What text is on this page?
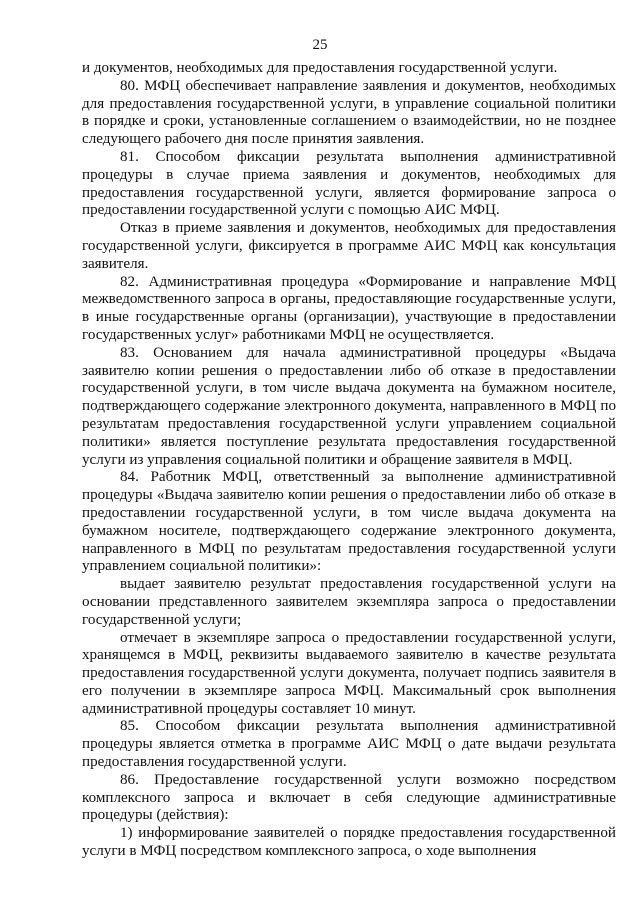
25

и документов, необходимых для предоставления государственной услуги.

80. МФЦ обеспечивает направление заявления и документов, необходимых для предоставления государственной услуги, в управление социальной политики в порядке и сроки, установленные соглашением о взаимодействии, но не позднее следующего рабочего дня после принятия заявления.

81. Способом фиксации результата выполнения административной процедуры в случае приема заявления и документов, необходимых для предоставления государственной услуги, является формирование запроса о предоставлении государственной услуги с помощью АИС МФЦ.

Отказ в приеме заявления и документов, необходимых для предоставления государственной услуги, фиксируется в программе АИС МФЦ как консультация заявителя.

82. Административная процедура «Формирование и направление МФЦ межведомственного запроса в органы, предоставляющие государственные услуги, в иные государственные органы (организации), участвующие в предоставлении государственных услуг» работниками МФЦ не осуществляется.

83. Основанием для начала административной процедуры «Выдача заявителю копии решения о предоставлении либо об отказе в предоставлении государственной услуги, в том числе выдача документа на бумажном носителе, подтверждающего содержание электронного документа, направленного в МФЦ по результатам предоставления государственной услуги управлением социальной политики» является поступление результата предоставления государственной услуги из управления социальной политики и обращение заявителя в МФЦ.

84. Работник МФЦ, ответственный за выполнение административной процедуры «Выдача заявителю копии решения о предоставлении либо об отказе в предоставлении государственной услуги, в том числе выдача документа на бумажном носителе, подтверждающего содержание электронного документа, направленного в МФЦ по результатам предоставления государственной услуги управлением социальной политики»:

выдает заявителю результат предоставления государственной услуги на основании представленного заявителем экземпляра запроса о предоставлении государственной услуги;

отмечает в экземпляре запроса о предоставлении государственной услуги, хранящемся в МФЦ, реквизиты выдаваемого заявителю в качестве результата предоставления государственной услуги документа, получает подпись заявителя в его получении в экземпляре запроса МФЦ. Максимальный срок выполнения административной процедуры составляет 10 минут.

85. Способом фиксации результата выполнения административной процедуры является отметка в программе АИС МФЦ о дате выдачи результата предоставления государственной услуги.

86. Предоставление государственной услуги возможно посредством комплексного запроса и включает в себя следующие административные процедуры (действия):

1) информирование заявителей о порядке предоставления государственной услуги в МФЦ посредством комплексного запроса, о ходе выполнения
